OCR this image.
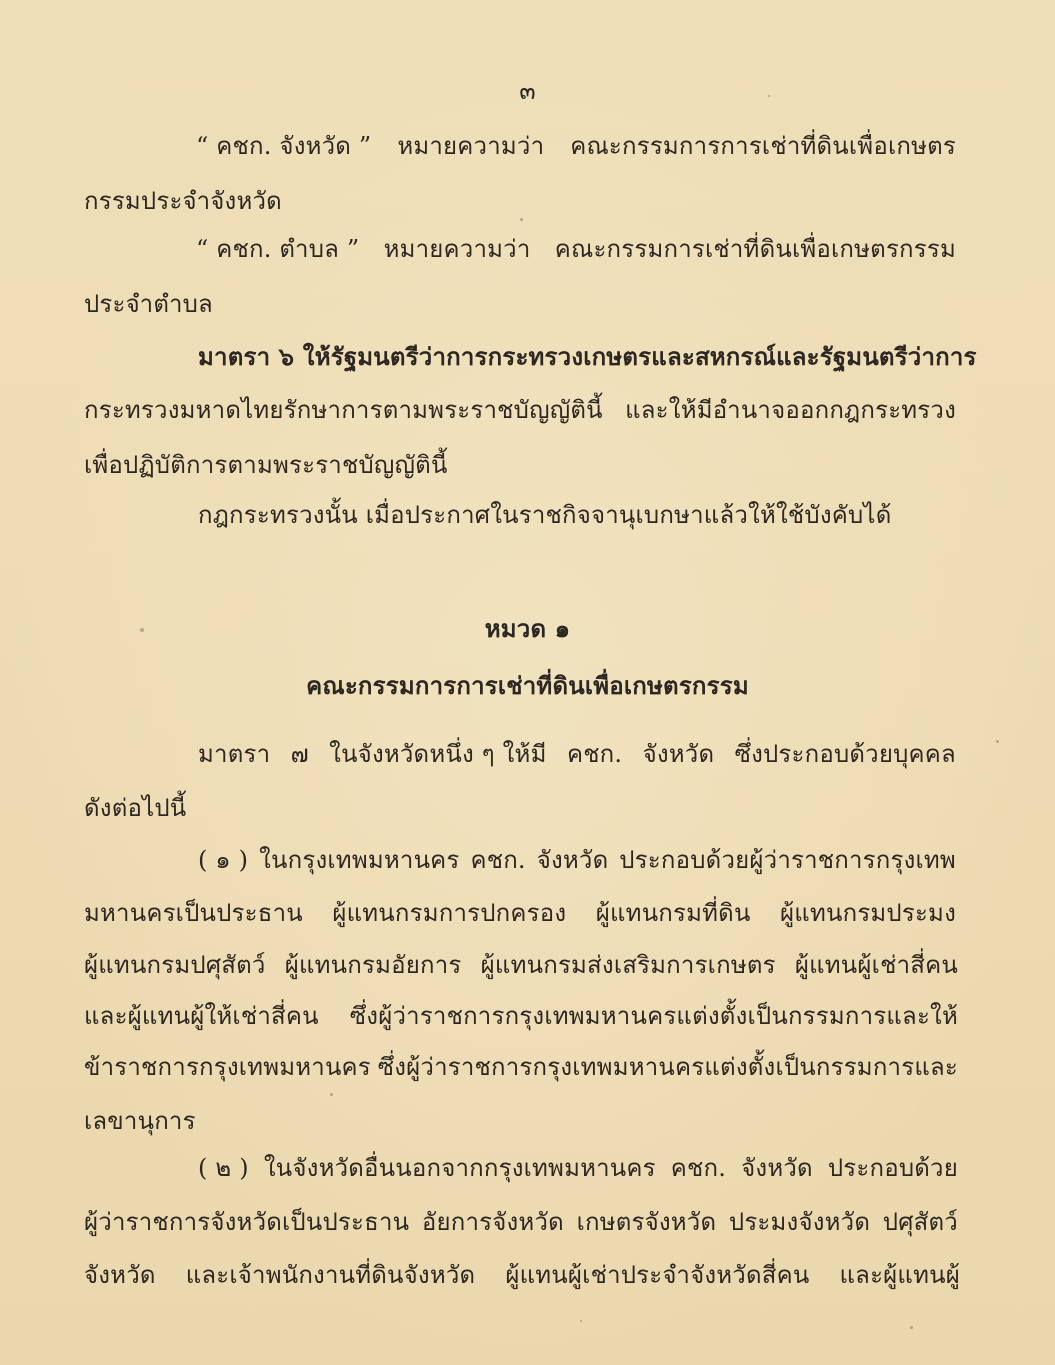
๓

“ คชก. จังหวัด ” หมายความว่า คณะกรรมการการเช่าที่ดินเพื่อเกษตร

กรรมประจำจังหวัด

“ คชก. ตำบล ” หมายความว่า คณะกรรมการเช่าที่ดินเพื่อเกษตรกรรม

ประจำตำบล

มาตรา ๖ ให้รัฐมนตรีว่าการกระทรวงเกษตรและสหกรณ์และรัฐมนตรีว่าการ

กระทรวงมหาดไทยรักษาการตามพระราชบัญญัตินี้ และให้มีอำนาจออกกฎกระทรวง

เพื่อปฏิบัติการตามพระราชบัญญัตินี้

กฎกระทรวงนั้น เมื่อประกาศในราชกิจจานุเบกษาแล้วให้ใช้บังคับได้

หมวด ๑

คณะกรรมการการเช่าที่ดินเพื่อเกษตรกรรม

มาตรา ๗ ในจังหวัดหนึ่ง ๆ ให้มี คชก. จังหวัด ซึ่งประกอบด้วยบุคคล

ดังต่อไปนี้

( ๑ ) ในกรุงเทพมหานคร คชก. จังหวัด ประกอบด้วยผู้ว่าราชการกรุงเทพ

มหานครเป็นประธาน ผู้แทนกรมการปกครอง ผู้แทนกรมที่ดิน ผู้แทนกรมประมง

ผู้แทนกรมปศุสัตว์ ผู้แทนกรมอัยการ ผู้แทนกรมส่งเสริมการเกษตร ผู้แทนผู้เช่าสี่คน

และผู้แทนผู้ให้เช่าสี่คน ซึ่งผู้ว่าราชการกรุงเทพมหานครแต่งตั้งเป็นกรรมการและให้

ข้าราชการกรุงเทพมหานคร ซึ่งผู้ว่าราชการกรุงเทพมหานครแต่งตั้งเป็นกรรมการและ

เลขานุการ

( ๒ ) ในจังหวัดอื่นนอกจากกรุงเทพมหานคร คชก. จังหวัด ประกอบด้วย

ผู้ว่าราชการจังหวัดเป็นประธาน อัยการจังหวัด เกษตรจังหวัด ประมงจังหวัด ปศุสัตว์

จังหวัด และเจ้าพนักงานที่ดินจังหวัด ผู้แทนผู้เช่าประจำจังหวัดสี่คน และผู้แทนผู้
